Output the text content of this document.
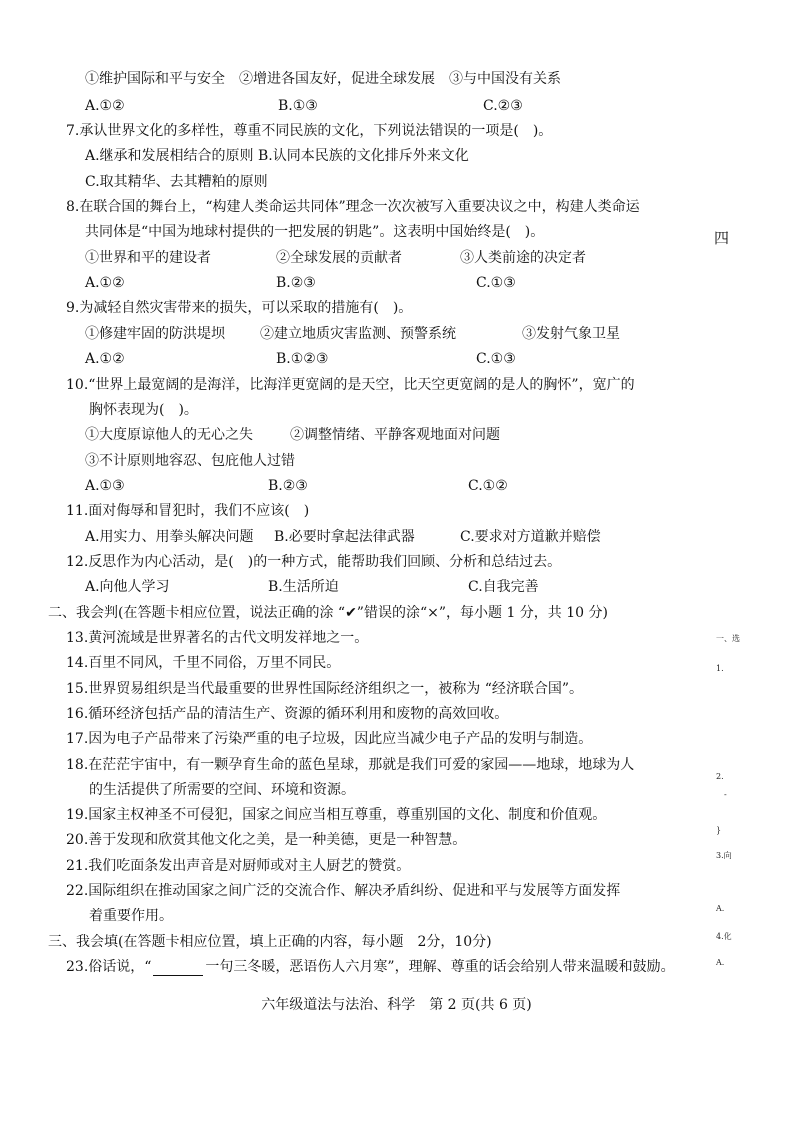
①维护国际和平与安全　②增进各国友好，促进全球发展　③与中国没有关系
A.①②	B.①③	C.②③
7.承认世界文化的多样性，尊重不同民族的文化，下列说法错误的一项是(　)。
A.继承和发展相结合的原则 B.认同本民族的文化排斥外来文化
C.取其精华、去其糟粕的原则
8.在联合国的舞台上，“构建人类命运共同体”理念一次次被写入重要决议之中，构建人类命运
共同体是“中国为地球村提供的一把发展的钥匙”。这表明中国始终是(　)。
①世界和平的建设者	②全球发展的贡献者	③人类前途的决定者
A.①②	B.②③	C.①③
9.为减轻自然灾害带来的损失，可以采取的措施有(　)。
①修建牢固的防洪堤坝	②建立地质灾害监测、预警系统	③发射气象卫星
A.①②	B.①②③	C.①③
10.“世界上最宽阔的是海洋，比海洋更宽阔的是天空，比天空更宽阔的是人的胸怀”，宽广的
胸怀表现为(　)。
①大度原谅他人的无心之失	②调整情绪、平静客观地面对问题
③不计原则地容忍、包庇他人过错
A.①③	B.②③	C.①②
11.面对侮辱和冒犯时，我们不应该(　)
A.用实力、用拳头解决问题 B.必要时拿起法律武器	C.要求对方道歉并赔偿
12.反思作为内心活动，是(　)的一种方式，能帮助我们回顾、分析和总结过去。
A.向他人学习	B.生活所迫	C.自我完善
二、我会判(在答题卡相应位置，说法正确的涂 “✔”错误的涂“×”，每小题 1 分，共 10 分)
13.黄河流域是世界著名的古代文明发祥地之一。
14.百里不同风，千里不同俗，万里不同民。
15.世界贸易组织是当代最重要的世界性国际经济组织之一，被称为 “经济联合国”。
16.循环经济包括产品的清洁生产、资源的循环利用和废物的高效回收。
17.因为电子产品带来了污染严重的电子垃圾，因此应当减少电子产品的发明与制造。
18.在茫茫宇宙中，有一颗孕育生命的蓝色星球，那就是我们可爱的家园——地球，地球为人
的生活提供了所需要的空间、环境和资源。
19.国家主权神圣不可侵犯，国家之间应当相互尊重，尊重别国的文化、制度和价值观。
20.善于发现和欣赏其他文化之美，是一种美德，更是一种智慧。
21.我们吃面条发出声音是对厨师或对主人厨艺的赞赏。
22.国际组织在推动国家之间广泛的交流合作、解决矛盾纠纷、促进和平与发展等方面发挥
着重要作用。
三、我会填(在答题卡相应位置，填上正确的内容，每小题　2分，10分)
23.俗话说，“	一句三冬暖，恶语伤人六月寒”，理解、尊重的话会给别人带来温暖和鼓励。
四
一、选
1.
2.
-
}
3.向
A.
4.化
A.
六年级道法与法治、科学　第 2 页(共 6 页)
